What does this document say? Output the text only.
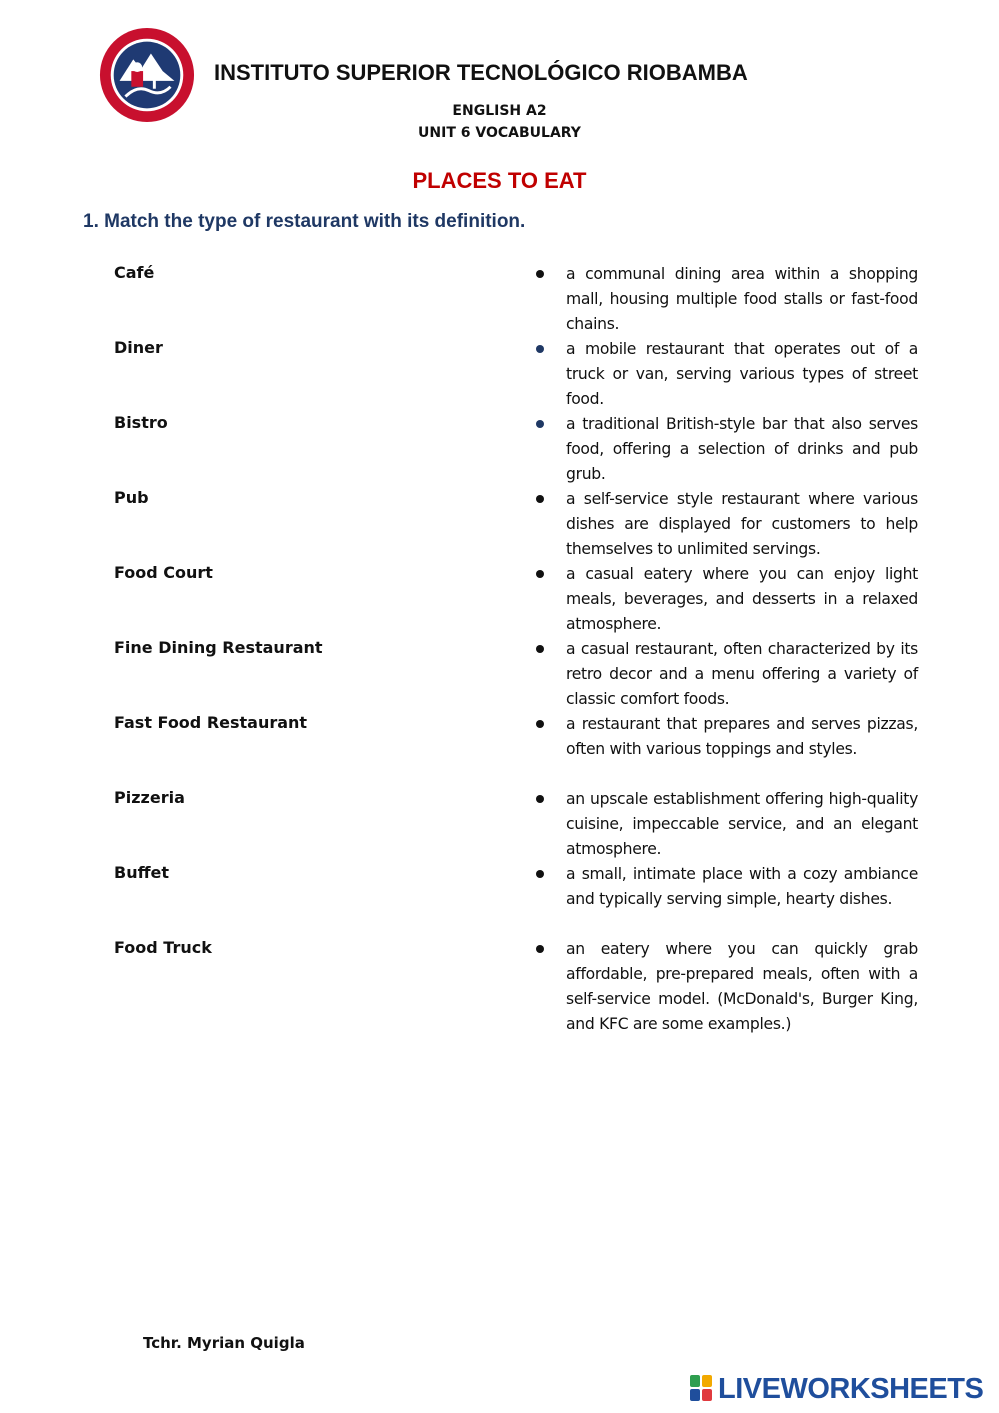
INSTITUTO SUPERIOR TECNOLÓGICO RIOBAMBA
ENGLISH A2
UNIT 6 VOCABULARY
PLACES TO EAT
1. Match the type of restaurant with its definition.
Café
Diner
Bistro
Pub
Food Court
Fine Dining Restaurant
Fast Food Restaurant
Pizzeria
Buffet
Food Truck

a communal dining area within a shopping mall, housing multiple food stalls or fast-food chains.

a mobile restaurant that operates out of a truck or van, serving various types of street food.

a traditional British-style bar that also serves food, offering a selection of drinks and pub grub.

a self-service style restaurant where various dishes are displayed for customers to help themselves to unlimited servings.

a casual eatery where you can enjoy light meals, beverages, and desserts in a relaxed atmosphere.

a casual restaurant, often characterized by its retro decor and a menu offering a variety of classic comfort foods.

a restaurant that prepares and serves pizzas, often with various toppings and styles.

an upscale establishment offering high-quality cuisine, impeccable service, and an elegant atmosphere.

a small, intimate place with a cozy ambiance and typically serving simple, hearty dishes.

an eatery where you can quickly grab affordable, pre-prepared meals, often with a self-service model. (McDonald's, Burger King, and KFC are some examples.)

Tchr. Myrian Quigla
LIVEWORKSHEETS
